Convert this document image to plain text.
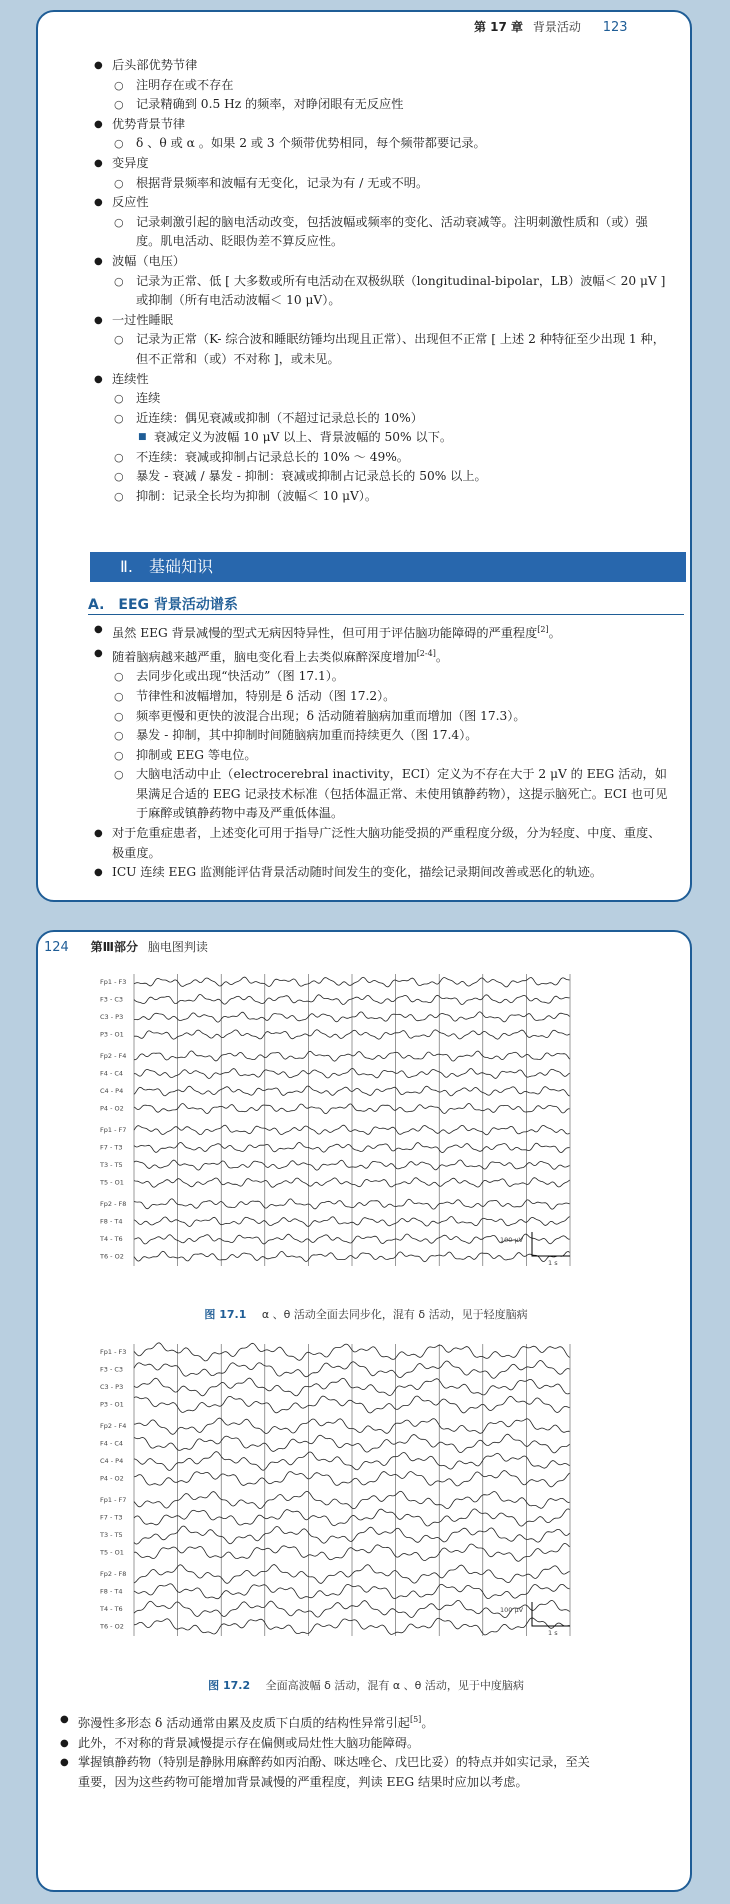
第 17 章 背景活动 123
● 后头部优势节律
○ 注明存在或不存在
○ 记录精确到 0.5 Hz 的频率，对睁闭眼有无反应性
● 优势背景节律
○ δ 、θ 或 α 。如果 2 或 3 个频带优势相同，每个频带都要记录。
● 变异度
○ 根据背景频率和波幅有无变化，记录为有 / 无或不明。
● 反应性
○ 记录刺激引起的脑电活动改变，包括波幅或频率的变化、活动衰减等。注明刺激性质和（或）强度。肌电活动、眨眼伪差不算反应性。
● 波幅（电压）
○ 记录为正常、低 [ 大多数或所有电活动在双极纵联（longitudinal-bipolar，LB）波幅＜ 20 μV ] 或抑制（所有电活动波幅＜ 10 μV）。
● 一过性睡眠
○ 记录为正常（K- 综合波和睡眠纺锤均出现且正常）、出现但不正常 [ 上述 2 种特征至少出现 1 种，但不正常和（或）不对称 ]，或未见。
● 连续性
○ 连续
○ 近连续：偶见衰减或抑制（不超过记录总长的 10%）
■ 衰减定义为波幅 10 μV 以上、背景波幅的 50% 以下。
○ 不连续：衰减或抑制占记录总长的 10% ～ 49%。
○ 暴发 - 衰减 / 暴发 - 抑制：衰减或抑制占记录总长的 50% 以上。
○ 抑制：记录全长均为抑制（波幅＜ 10 μV）。
Ⅱ.　基础知识
A.　EEG 背景活动谱系
● 虽然 EEG 背景减慢的型式无病因特异性，但可用于评估脑功能障碍的严重程度[2]。
● 随着脑病越来越严重，脑电变化看上去类似麻醉深度增加[2-4]。
○ 去同步化或出现“快活动”（图 17.1）。
○ 节律性和波幅增加，特别是 δ 活动（图 17.2）。
○ 频率更慢和更快的波混合出现；δ 活动随着脑病加重而增加（图 17.3）。
○ 暴发 - 抑制，其中抑制时间随脑病加重而持续更久（图 17.4）。
○ 抑制或 EEG 等电位。
○ 大脑电活动中止（electrocerebral inactivity，ECI）定义为不存在大于 2 μV 的 EEG 活动，如果满足合适的 EEG 记录技术标准（包括体温正常、未使用镇静药物），这提示脑死亡。ECI 也可见于麻醉或镇静药物中毒及严重低体温。
● 对于危重症患者，上述变化可用于指导广泛性大脑功能受损的严重程度分级，分为轻度、中度、重度、极重度。
● ICU 连续 EEG 监测能评估背景活动随时间发生的变化，描绘记录期间改善或恶化的轨迹。
124 第Ⅲ部分 脑电图判读
Fp1 - F3
F3 - C3
C3 - P3
P3 - O1
Fp2 - F4
F4 - C4
C4 - P4
P4 - O2
Fp1 - F7
F7 - T3
T3 - T5
T5 - O1
Fp2 - F8
F8 - T4
T4 - T6
T6 - O2
100 μV
1 s
图 17.1 α 、θ 活动全面去同步化，混有 δ 活动，见于轻度脑病
Fp1 - F3
F3 - C3
C3 - P3
P3 - O1
Fp2 - F4
F4 - C4
C4 - P4
P4 - O2
Fp1 - F7
F7 - T3
T3 - T5
T5 - O1
Fp2 - F8
F8 - T4
T4 - T6
T6 - O2
100 μV
1 s
图 17.2 全面高波幅 δ 活动，混有 α 、θ 活动，见于中度脑病
● 弥漫性多形态 δ 活动通常由累及皮质下白质的结构性异常引起[5]。
● 此外，不对称的背景减慢提示存在偏侧或局灶性大脑功能障碍。
● 掌握镇静药物（特别是静脉用麻醉药如丙泊酚、咪达唑仑、戊巴比妥）的特点并如实记录，至关重要，因为这些药物可能增加背景减慢的严重程度，判读 EEG 结果时应加以考虑。
